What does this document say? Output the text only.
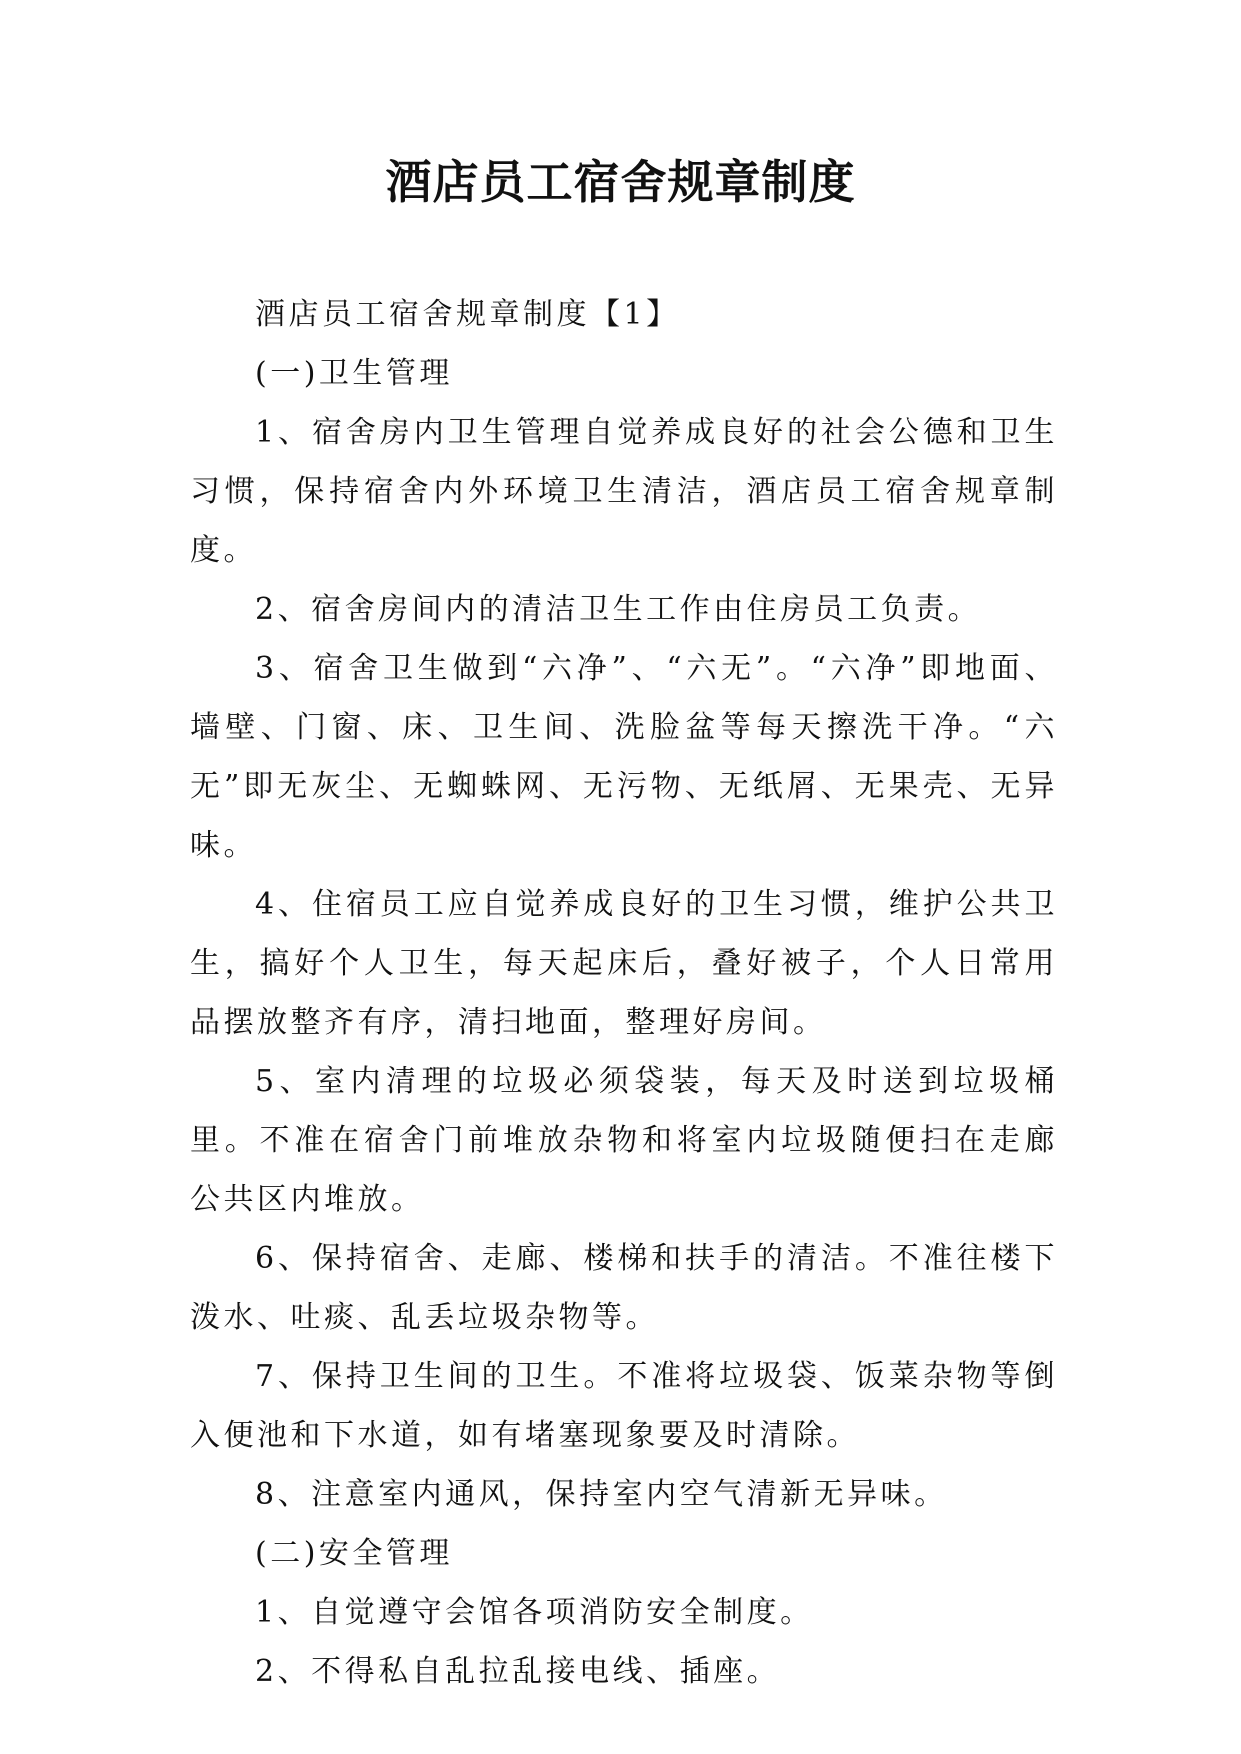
酒店员工宿舍规章制度

酒店员工宿舍规章制度【1】

(一)卫生管理

1、宿舍房内卫生管理自觉养成良好的社会公德和卫生习惯，保持宿舍内外环境卫生清洁，酒店员工宿舍规章制度。

2、宿舍房间内的清洁卫生工作由住房员工负责。

3、宿舍卫生做到“六净”、“六无”。“六净”即地面、墙壁、门窗、床、卫生间、洗脸盆等每天擦洗干净。“六无”即无灰尘、无蜘蛛网、无污物、无纸屑、无果壳、无异味。

4、住宿员工应自觉养成良好的卫生习惯，维护公共卫生，搞好个人卫生，每天起床后，叠好被子，个人日常用品摆放整齐有序，清扫地面，整理好房间。

5、室内清理的垃圾必须袋装，每天及时送到垃圾桶里。不准在宿舍门前堆放杂物和将室内垃圾随便扫在走廊公共区内堆放。

6、保持宿舍、走廊、楼梯和扶手的清洁。不准往楼下泼水、吐痰、乱丢垃圾杂物等。

7、保持卫生间的卫生。不准将垃圾袋、饭菜杂物等倒入便池和下水道，如有堵塞现象要及时清除。

8、注意室内通风，保持室内空气清新无异味。

(二)安全管理

1、自觉遵守会馆各项消防安全制度。

2、不得私自乱拉乱接电线、插座。
